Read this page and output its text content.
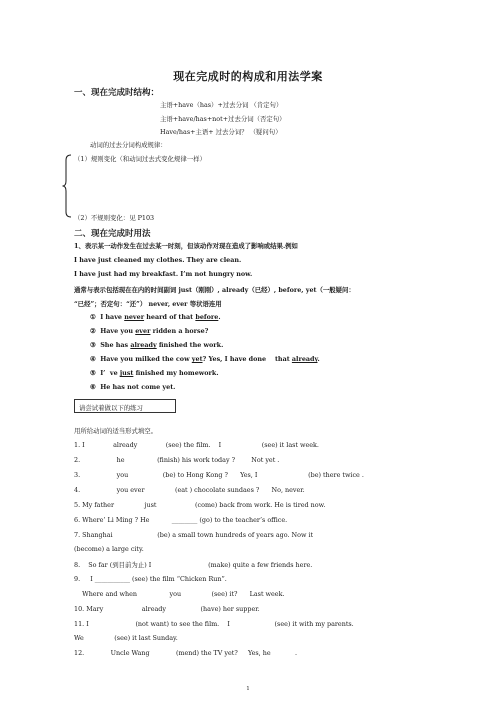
现在完成时的构成和用法学案
一、现在完成时结构：
主语+have（has）+过去分词 （肯定句）
主语+have/has+not+过去分词（否定句）
Have/has+主语+ 过去分词？ （疑问句）
动词的过去分词构成规律：
（1）规则变化（和动词过去式变化规律一样）
（2）不规则变化：见 P103
二、现在完成时用法
1、表示某一动作发生在过去某一时刻，但该动作对现在造成了影响或结果.例如
I have just cleaned my clothes. They are clean.
I have just had my breakfast. I’m not hungry now.
通常与表示包括现在在内的时间副词 just（刚刚）, already（已经）, before, yet（一般疑问：
“已经”；否定句：“还”） never, ever 等状语连用
① I have never heard of that before.
② Have you ever ridden a horse?
③ She has already finished the work.
④ Have you milked the cow yet? Yes, I have done    that already.
⑤ I’  ve just finished my homework.
⑥ He has not come yet.
请尝试着做以下的练习
用所给动词的适当形式填空。
1. I              already              (see) the film.    I                    (see) it last week.
2.                  he                (finish) his work today ?        Not yet .
3.                  you                 (be) to Hong Kong ?      Yes, I                         (be) there twice .
4.                  you ever               (eat ) chocolate sundaes ?      No, never.
5. My father               just                   (come) back from work. He is tired now.
6. Where’ Li Ming ? He           ________ (go) to the teacher’s office.
7. Shanghai                      (be) a small town hundreds of years ago. Now it
(become) a large city.
8.    So far (到目前为止) I                            (make) quite a few friends here.
9.     I ___________ (see) the film “Chicken Run”.
Where and when                you               (see) it?      Last week.
10. Mary                   already                 (have) her supper.
11. I                       (not want) to see the film.    I                      (see) it with my parents.
We               (see) it last Sunday.
12.             Uncle Wang             (mend) the TV yet?     Yes, he            .
1
